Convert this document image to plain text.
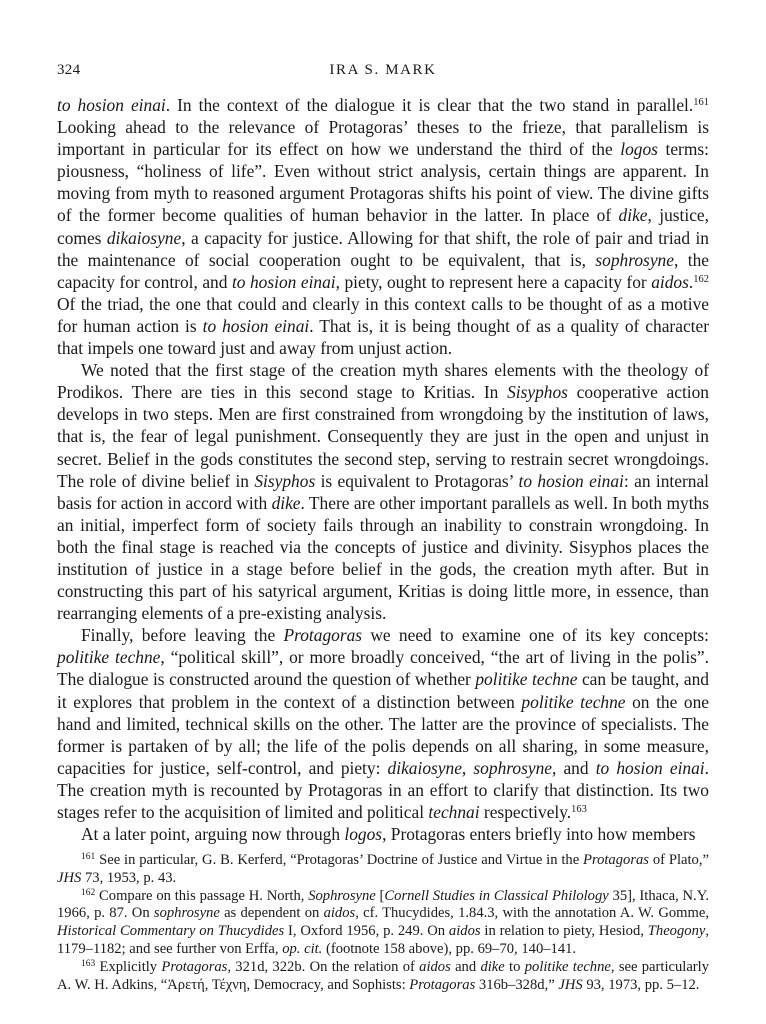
324	IRA S. MARK

to hosion einai. In the context of the dialogue it is clear that the two stand in parallel.$^{161}$ Looking ahead to the relevance of Protagoras’ theses to the frieze, that parallelism is important in particular for its effect on how we understand the third of the logos terms: piousness, “holiness of life”. Even without strict analysis, certain things are apparent. In moving from myth to reasoned argument Protagoras shifts his point of view. The divine gifts of the former become qualities of human behavior in the latter. In place of dike, justice, comes dikaiosyne, a capacity for justice. Allowing for that shift, the role of pair and triad in the maintenance of social cooperation ought to be equivalent, that is, sophrosyne, the capacity for control, and to hosion einai, piety, ought to represent here a capacity for aidos.$^{162}$ Of the triad, the one that could and clearly in this context calls to be thought of as a motive for human action is to hosion einai. That is, it is being thought of as a quality of character that impels one toward just and away from unjust action.

We noted that the first stage of the creation myth shares elements with the theology of Prodikos. There are ties in this second stage to Kritias. In Sisyphos cooperative action develops in two steps. Men are first constrained from wrongdoing by the institution of laws, that is, the fear of legal punishment. Consequently they are just in the open and unjust in secret. Belief in the gods constitutes the second step, serving to restrain secret wrongdoings. The role of divine belief in Sisyphos is equivalent to Protagoras’ to hosion einai: an internal basis for action in accord with dike. There are other important parallels as well. In both myths an initial, imperfect form of society fails through an inability to constrain wrongdoing. In both the final stage is reached via the concepts of justice and divinity. Sisyphos places the institution of justice in a stage before belief in the gods, the creation myth after. But in constructing this part of his satyrical argument, Kritias is doing little more, in essence, than rearranging elements of a pre-existing analysis.

Finally, before leaving the Protagoras we need to examine one of its key concepts: politike techne, “political skill”, or more broadly conceived, “the art of living in the polis”. The dialogue is constructed around the question of whether politike techne can be taught, and it explores that problem in the context of a distinction between politike techne on the one hand and limited, technical skills on the other. The latter are the province of specialists. The former is partaken of by all; the life of the polis depends on all sharing, in some measure, capacities for justice, self-control, and piety: dikaiosyne, sophrosyne, and to hosion einai. The creation myth is recounted by Protagoras in an effort to clarify that distinction. Its two stages refer to the acquisition of limited and political technai respectively.$^{163}$

At a later point, arguing now through logos, Protagoras enters briefly into how members

$^{161}$ See in particular, G. B. Kerferd, “Protagoras’ Doctrine of Justice and Virtue in the Protagoras of Plato,” JHS 73, 1953, p. 43.

$^{162}$ Compare on this passage H. North, Sophrosyne [Cornell Studies in Classical Philology 35], Ithaca, N.Y. 1966, p. 87. On sophrosyne as dependent on aidos, cf. Thucydides, 1.84.3, with the annotation A. W. Gomme, Historical Commentary on Thucydides I, Oxford 1956, p. 249. On aidos in relation to piety, Hesiod, Theogony, 1179–1182; and see further von Erffa, op. cit. (footnote 158 above), pp. 69–70, 140–141.

$^{163}$ Explicitly Protagoras, 321d, 322b. On the relation of aidos and dike to politike techne, see particularly A. W. H. Adkins, “Ἀρετή, Τέχνη, Democracy, and Sophists: Protagoras 316b–328d,” JHS 93, 1973, pp. 5–12.
